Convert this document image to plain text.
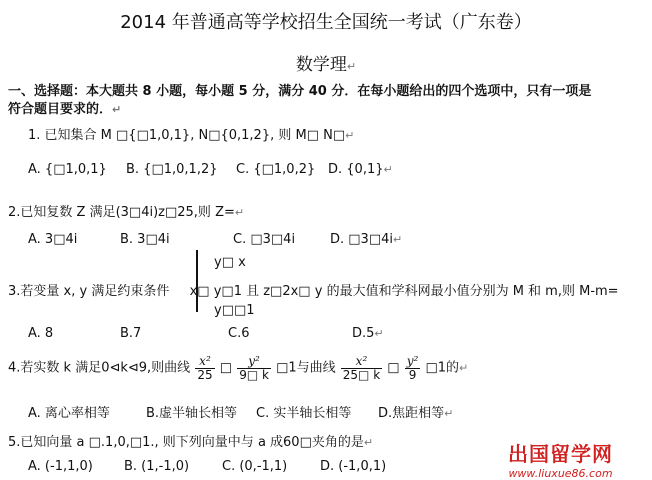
2014 年普通高等学校招生全国统一考试（广东卷）
数学理↵
一、选择题：本大题共 8 小题，每小题 5 分，满分 40 分．在每小题给出的四个选项中，只有一项是
符合题目要求的．↵
1. 已知集合 M □{□1,0,1}, N□{0,1,2}, 则 M□ N□↵
A. {□1,0,1} B. {□1,0,1,2} C. {□1,0,2} D. {0,1}↵
2.已知复数 Z 满足(3□4i)z□25,则 Z=↵
A. 3□4i	B. 3□4i	C. □3□4i	D. □3□4i↵
y□ x
3.若变量 x, y 满足约束条件 x□ y□1 且 z□2x□ y 的最大值和学科网最小值分别为 M 和 m,则 M-m=
y□□1
A. 8	B.7	C.6	D.5↵
4.若实数 k 满足0⊲k⊲9,则曲线 $\frac{\text{x²}}{25}$ □ $\frac{\text{y²}}{9□ k}$ □1与曲线 $\frac{\text{x²}}{25□ k}$ □ $\frac{\text{y²}}{9}$ □1的↵
A. 离心率相等	B.虚半轴长相等 C. 实半轴长相等 D.焦距相等↵
5.已知向量 a □.1,0,□1., 则下列向量中与 a 成60□夹角的是↵
A. (-1,1,0) B. (1,-1,0)	C. (0,-1,1)	D. (-1,0,1)
出国留学网
www.liuxue86.com
